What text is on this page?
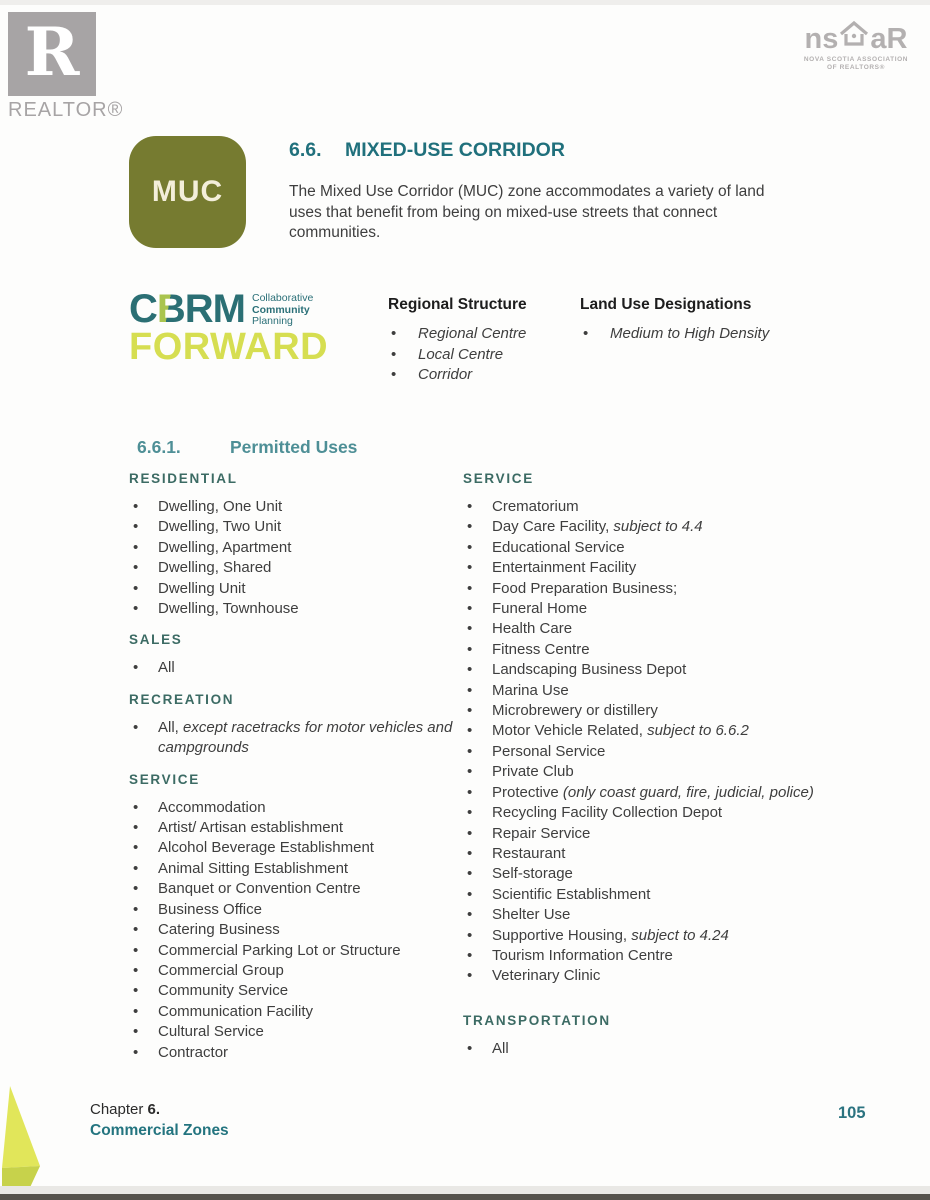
R
REALTOR®
ns aR
NOVA SCOTIA ASSOCIATION
OF REALTORS®
MUC
6.6. MIXED-USE CORRIDOR

The Mixed Use Corridor (MUC) zone accommodates a variety of land uses that benefit from being on mixed-use streets that connect communities.

CBRM Collaborative
Community
Planning
FORWARD
Regional Structure
• Regional Centre
• Local Centre
• Corridor
Land Use Designations
• Medium to High Density
6.6.1.	Permitted Uses
RESIDENTIAL
• Dwelling, One Unit
• Dwelling, Two Unit
• Dwelling, Apartment
• Dwelling, Shared
• Dwelling Unit
• Dwelling, Townhouse
SALES
• All
RECREATION
• All, except racetracks for motor vehicles and campgrounds
SERVICE
• Accommodation
• Artist/ Artisan establishment
• Alcohol Beverage Establishment
• Animal Sitting Establishment
• Banquet or Convention Centre
• Business Office
• Catering Business
• Commercial Parking Lot or Structure
• Commercial Group
• Community Service
• Communication Facility
• Cultural Service
• Contractor
SERVICE
• Crematorium
• Day Care Facility, subject to 4.4
• Educational Service
• Entertainment Facility
• Food Preparation Business;
• Funeral Home
• Health Care
• Fitness Centre
• Landscaping Business Depot
• Marina Use
• Microbrewery or distillery
• Motor Vehicle Related, subject to 6.6.2
• Personal Service
• Private Club
• Protective (only coast guard, fire, judicial, police)
• Recycling Facility Collection Depot
• Repair Service
• Restaurant
• Self-storage
• Scientific Establishment
• Shelter Use
• Supportive Housing, subject to 4.24
• Tourism Information Centre
• Veterinary Clinic
TRANSPORTATION
• All
Chapter 6.
Commercial Zones
105
